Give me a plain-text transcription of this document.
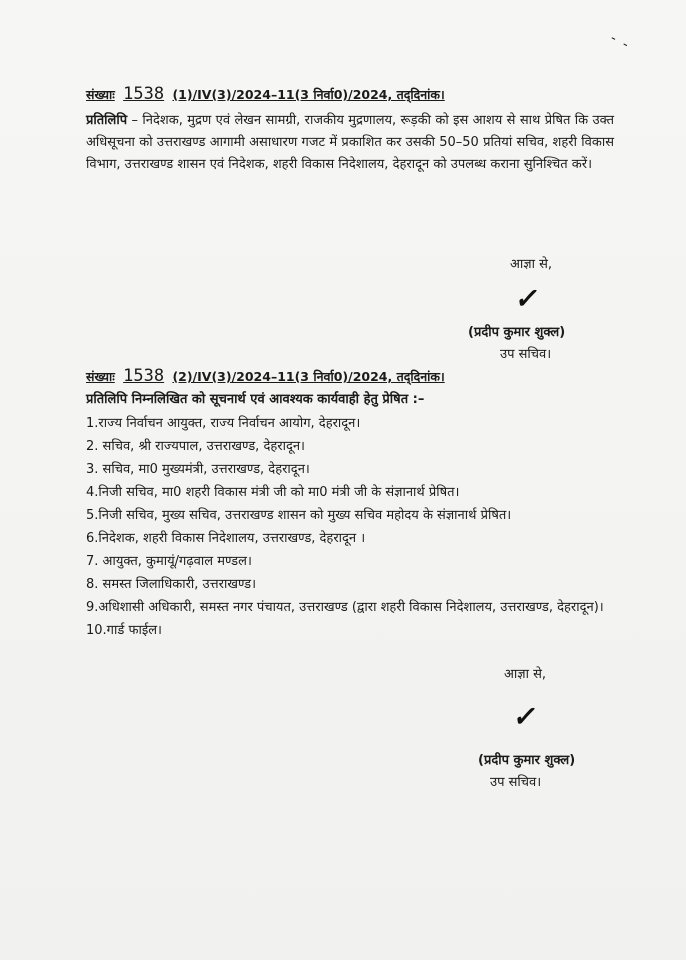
‑ ‑
संख्याः 1538 (1)/IV(3)/2024–11(3 निर्वा0)/2024, तद्‌दिनांक।
प्रतिलिपि – निदेशक, मुद्रण एवं लेखन सामग्री, राजकीय मुद्रणालय, रूड़की को इस आशय से साथ प्रेषित कि उक्त अधिसूचना को उत्तराखण्ड आगामी असाधारण गजट में प्रकाशित कर उसकी 50–50 प्रतियां सचिव, शहरी विकास विभाग, उत्तराखण्ड शासन एवं निदेशक, शहरी विकास निदेशालय, देहरादून को उपलब्ध कराना सुनिश्चित करें।
आज्ञा से,
✓
(प्रदीप कुमार शुक्ल)
उप सचिव।
संख्याः 1538 (2)/IV(3)/2024–11(3 निर्वा0)/2024, तद्‌दिनांक।
प्रतिलिपि निम्नलिखित को सूचनार्थ एवं आवश्यक कार्यवाही हेतु प्रेषित :–
1.राज्य निर्वाचन आयुक्त, राज्य निर्वाचन आयोग, देहरादून।
2. सचिव, श्री राज्यपाल, उत्तराखण्ड, देहरादून।
3. सचिव, मा0 मुख्यमंत्री, उत्तराखण्ड, देहरादून।
4.निजी सचिव, मा0 शहरी विकास मंत्री जी को मा0 मंत्री जी के संज्ञानार्थ प्रेषित।
5.निजी सचिव, मुख्य सचिव, उत्तराखण्ड शासन को मुख्य सचिव महोदय के संज्ञानार्थ प्रेषित।
6.निदेशक, शहरी विकास निदेशालय, उत्तराखण्ड, देहरादून ।
7. आयुक्त, कुमायूं/गढ़वाल मण्डल।
8. समस्त जिलाधिकारी, उत्तराखण्ड।
9.अधिशासी अधिकारी, समस्त नगर पंचायत, उत्तराखण्ड (द्वारा शहरी विकास निदेशालय, उत्तराखण्ड, देहरादून)।
10.गार्ड फाईल।
आज्ञा से,
✓
(प्रदीप कुमार शुक्ल)
उप सचिव।
